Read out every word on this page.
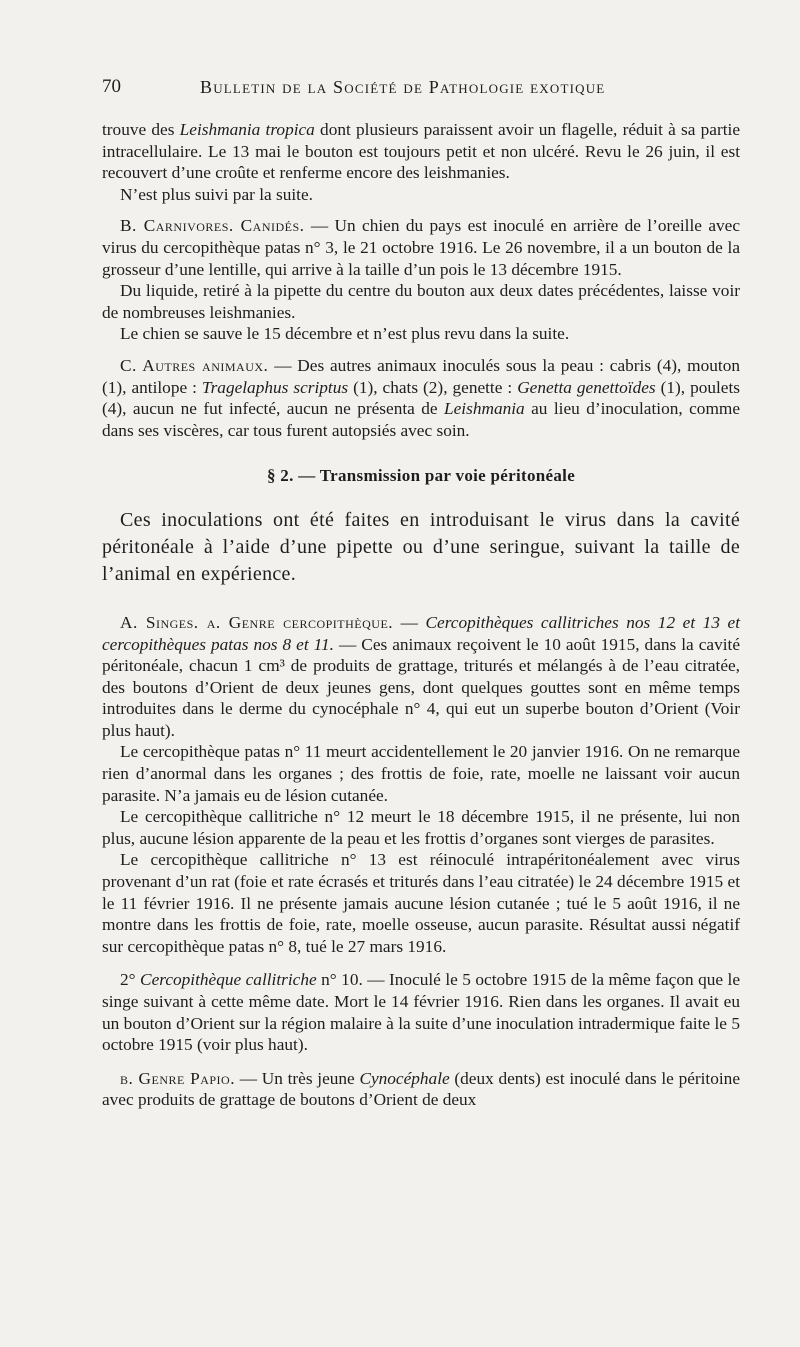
70	Bulletin de la Société de Pathologie exotique

trouve des Leishmania tropica dont plusieurs paraissent avoir un flagelle, réduit à sa partie intracellulaire. Le 13 mai le bouton est toujours petit et non ulcéré. Revu le 26 juin, il est recouvert d’une croûte et renferme encore des leishmanies.

N’est plus suivi par la suite.

B. Carnivores. Canidés. — Un chien du pays est inoculé en arrière de l’oreille avec virus du cercopithèque patas n° 3, le 21 octobre 1916. Le 26 novembre, il a un bouton de la grosseur d’une lentille, qui arrive à la taille d’un pois le 13 décembre 1915.

Du liquide, retiré à la pipette du centre du bouton aux deux dates précédentes, laisse voir de nombreuses leishmanies.

Le chien se sauve le 15 décembre et n’est plus revu dans la suite.

C. Autres animaux. — Des autres animaux inoculés sous la peau : cabris (4), mouton (1), antilope : Tragelaphus scriptus (1), chats (2), genette : Genetta genettoïdes (1), poulets (4), aucun ne fut infecté, aucun ne présenta de Leishmania au lieu d’inoculation, comme dans ses viscères, car tous furent autopsiés avec soin.

§ 2. — Transmission par voie péritonéale

Ces inoculations ont été faites en introduisant le virus dans la cavité péritonéale à l’aide d’une pipette ou d’une seringue, suivant la taille de l’animal en expérience.

A. Singes. α. Genre cercopithèque. — Cercopithèques callitriches nos 12 et 13 et cercopithèques patas nos 8 et 11. — Ces animaux reçoivent le 10 août 1915, dans la cavité péritonéale, chacun 1 cm³ de produits de grattage, triturés et mélangés à de l’eau citratée, des boutons d’Orient de deux jeunes gens, dont quelques gouttes sont en même temps introduites dans le derme du cynocéphale n° 4, qui eut un superbe bouton d’Orient (Voir plus haut).

Le cercopithèque patas n° 11 meurt accidentellement le 20 janvier 1916. On ne remarque rien d’anormal dans les organes ; des frottis de foie, rate, moelle ne laissant voir aucun parasite. N’a jamais eu de lésion cutanée.

Le cercopithèque callitriche n° 12 meurt le 18 décembre 1915, il ne présente, lui non plus, aucune lésion apparente de la peau et les frottis d’organes sont vierges de parasites.

Le cercopithèque callitriche n° 13 est réinoculé intrapéritonéalement avec virus provenant d’un rat (foie et rate écrasés et triturés dans l’eau citratée) le 24 décembre 1915 et le 11 février 1916. Il ne présente jamais aucune lésion cutanée ; tué le 5 août 1916, il ne montre dans les frottis de foie, rate, moelle osseuse, aucun parasite. Résultat aussi négatif sur cercopithèque patas n° 8, tué le 27 mars 1916.

2° Cercopithèque callitriche n° 10. — Inoculé le 5 octobre 1915 de la même façon que le singe suivant à cette même date. Mort le 14 février 1916. Rien dans les organes. Il avait eu un bouton d’Orient sur la région malaire à la suite d’une inoculation intradermique faite le 5 octobre 1915 (voir plus haut).

β. Genre Papio. — Un très jeune Cynocéphale (deux dents) est inoculé dans le péritoine avec produits de grattage de boutons d’Orient de deux
